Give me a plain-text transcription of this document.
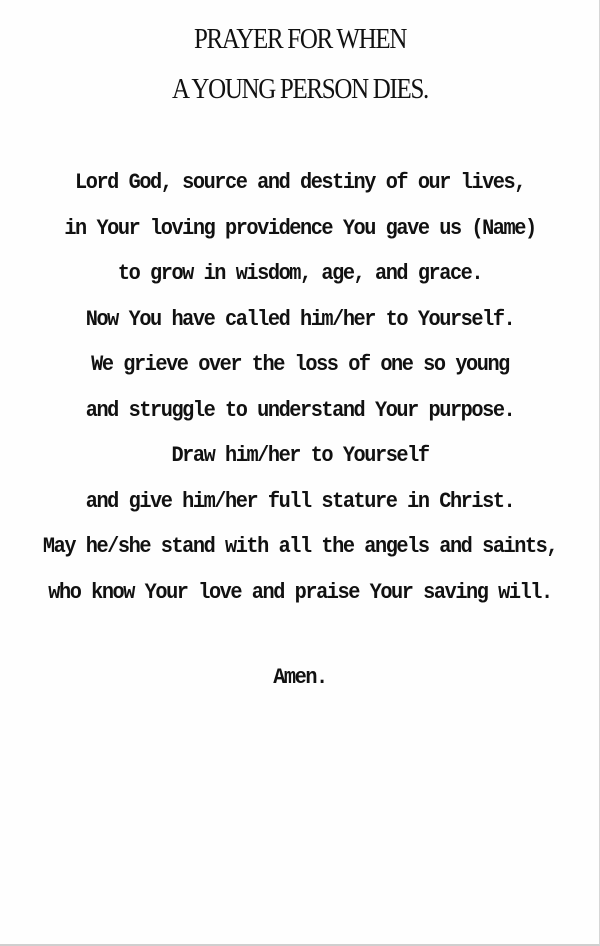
PRAYER FOR WHEN
A YOUNG PERSON DIES.

Lord God, source and destiny of our lives,
in Your loving providence You gave us (Name)
to grow in wisdom, age, and grace.
Now You have called him/her to Yourself.
We grieve over the loss of one so young
and struggle to understand Your purpose.
Draw him/her to Yourself
and give him/her full stature in Christ.
May he/she stand with all the angels and saints,
who know Your love and praise Your saving will.

Amen.
